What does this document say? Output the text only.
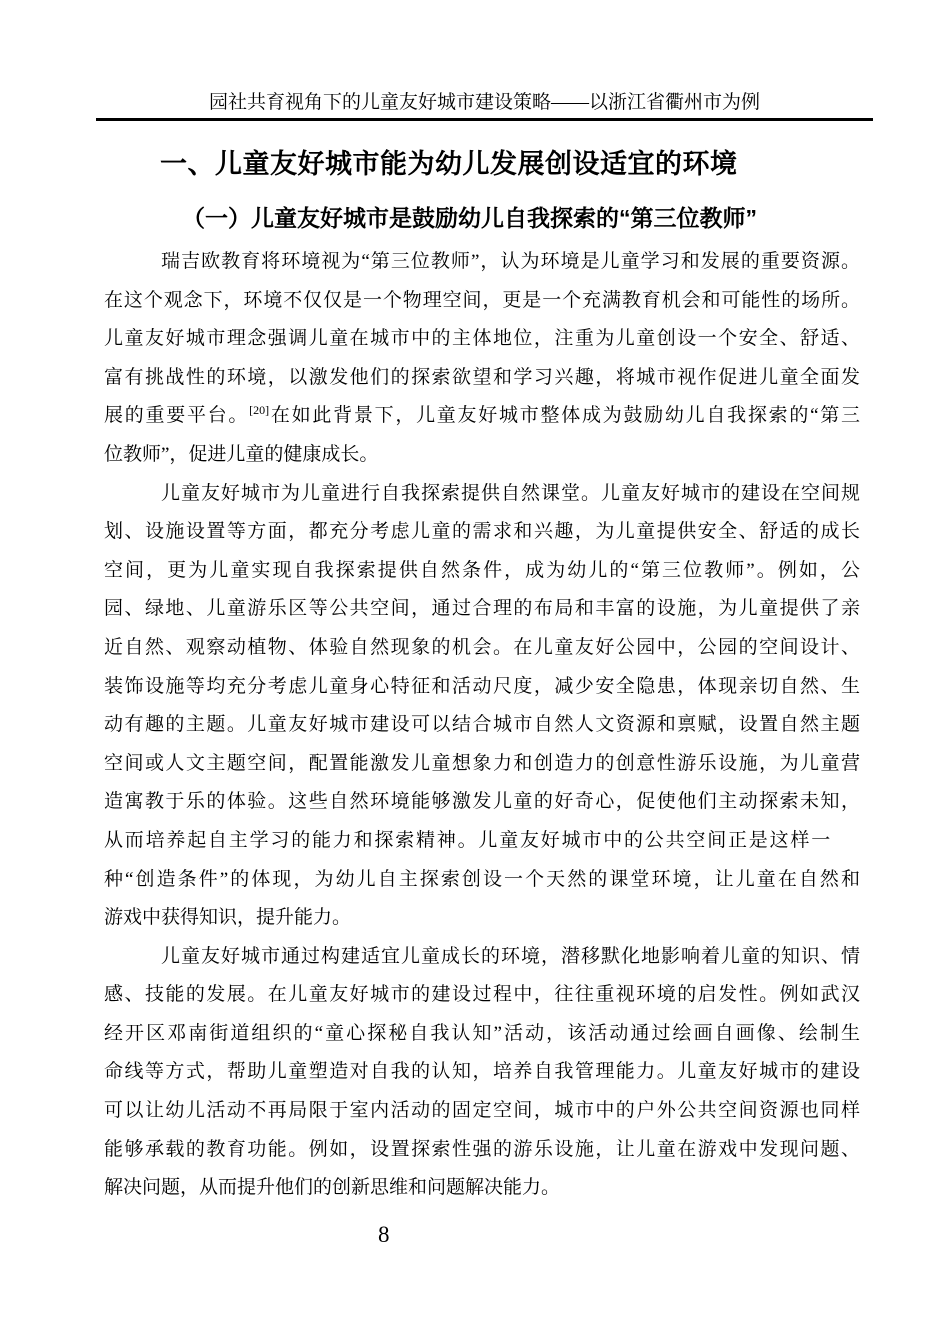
园社共育视角下的儿童友好城市建设策略——以浙江省衢州市为例
一、儿童友好城市能为幼儿发展创设适宜的环境
（一）儿童友好城市是鼓励幼儿自我探索的“第三位教师”
瑞吉欧教育将环境视为“第三位教师”，认为环境是儿童学习和发展的重要资源。
在这个观念下，环境不仅仅是一个物理空间，更是一个充满教育机会和可能性的场所。
儿童友好城市理念强调儿童在城市中的主体地位，注重为儿童创设一个安全、舒适、
富有挑战性的环境，以激发他们的探索欲望和学习兴趣，将城市视作促进儿童全面发
展的重要平台。[20]在如此背景下，儿童友好城市整体成为鼓励幼儿自我探索的“第三
位教师”，促进儿童的健康成长。
儿童友好城市为儿童进行自我探索提供自然课堂。儿童友好城市的建设在空间规
划、设施设置等方面，都充分考虑儿童的需求和兴趣，为儿童提供安全、舒适的成长
空间，更为儿童实现自我探索提供自然条件，成为幼儿的“第三位教师”。例如，公
园、绿地、儿童游乐区等公共空间，通过合理的布局和丰富的设施，为儿童提供了亲
近自然、观察动植物、体验自然现象的机会。在儿童友好公园中，公园的空间设计、
装饰设施等均充分考虑儿童身心特征和活动尺度，减少安全隐患，体现亲切自然、生
动有趣的主题。儿童友好城市建设可以结合城市自然人文资源和禀赋，设置自然主题
空间或人文主题空间，配置能激发儿童想象力和创造力的创意性游乐设施，为儿童营
造寓教于乐的体验。这些自然环境能够激发儿童的好奇心，促使他们主动探索未知，
从而培养起自主学习的能力和探索精神。儿童友好城市中的公共空间正是这样一
种“创造条件”的体现，为幼儿自主探索创设一个天然的课堂环境，让儿童在自然和
游戏中获得知识，提升能力。
儿童友好城市通过构建适宜儿童成长的环境，潜移默化地影响着儿童的知识、情
感、技能的发展。在儿童友好城市的建设过程中，往往重视环境的启发性。例如武汉
经开区邓南街道组织的“童心探秘自我认知”活动，该活动通过绘画自画像、绘制生
命线等方式，帮助儿童塑造对自我的认知，培养自我管理能力。儿童友好城市的建设
可以让幼儿活动不再局限于室内活动的固定空间，城市中的户外公共空间资源也同样
能够承载的教育功能。例如，设置探索性强的游乐设施，让儿童在游戏中发现问题、
解决问题，从而提升他们的创新思维和问题解决能力。
8
